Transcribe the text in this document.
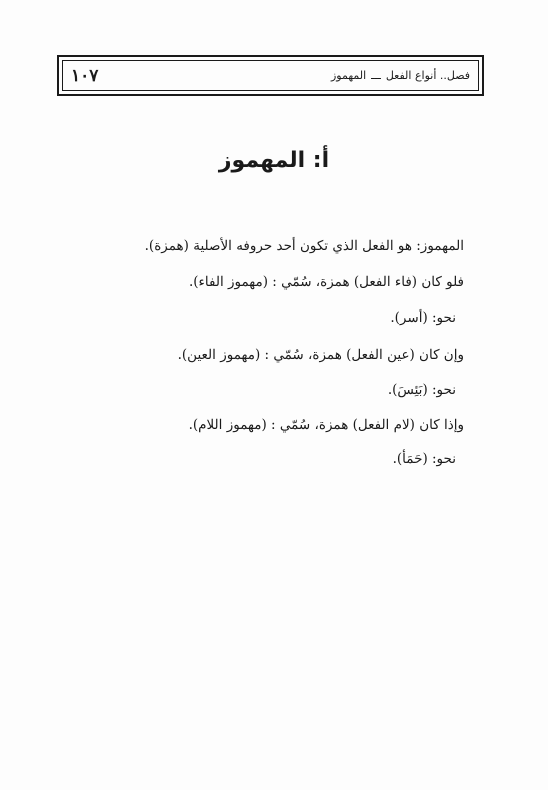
١٠٧	فصل.. أنواع الفعل
ـــ
المهموز
أ: المهموز
المهموز: هو الفعل الذي تكون أحد حروفه الأصلية (همزة).
فلو كان (فاء الفعل) همزة، سُمّي : (مهموز الفاء).
نحو: (أسر).
وإن كان (عين الفعل) همزة، سُمّي : (مهموز العين).
نحو: (بَئِسَ).
وإذا كان (لام الفعل) همزة، سُمّي : (مهموز اللام).
نحو: (حَمَأ).
